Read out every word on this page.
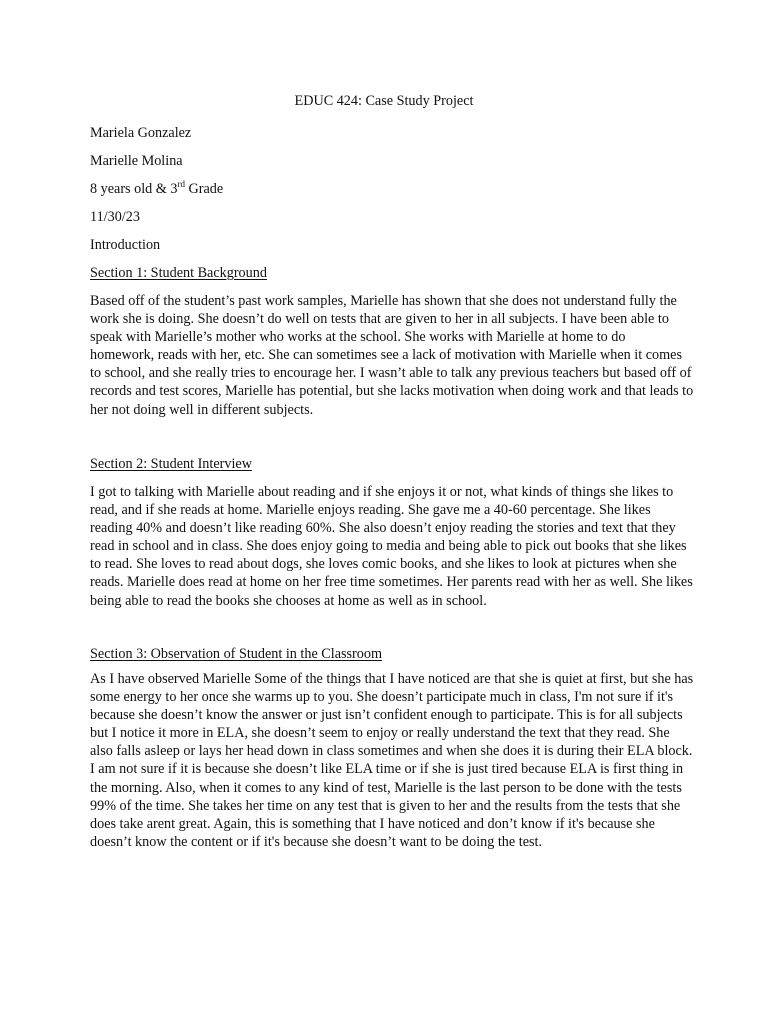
EDUC 424: Case Study Project
Mariela Gonzalez
Marielle Molina
8 years old & 3rd Grade
11/30/23
Introduction
Section 1: Student Background
Based off of the student’s past work samples, Marielle has shown that she does not understand fully the
work she is doing. She doesn’t do well on tests that are given to her in all subjects. I have been able to
speak with Marielle’s mother who works at the school. She works with Marielle at home to do
homework, reads with her, etc. She can sometimes see a lack of motivation with Marielle when it comes
to school, and she really tries to encourage her. I wasn’t able to talk any previous teachers but based off of
records and test scores, Marielle has potential, but she lacks motivation when doing work and that leads to
her not doing well in different subjects.
Section 2: Student Interview
I got to talking with Marielle about reading and if she enjoys it or not, what kinds of things she likes to
read, and if she reads at home. Marielle enjoys reading. She gave me a 40-60 percentage. She likes
reading 40% and doesn’t like reading 60%. She also doesn’t enjoy reading the stories and text that they
read in school and in class. She does enjoy going to media and being able to pick out books that she likes
to read. She loves to read about dogs, she loves comic books, and she likes to look at pictures when she
reads. Marielle does read at home on her free time sometimes. Her parents read with her as well. She likes
being able to read the books she chooses at home as well as in school.
Section 3: Observation of Student in the Classroom
As I have observed Marielle Some of the things that I have noticed are that she is quiet at first, but she has
some energy to her once she warms up to you. She doesn’t participate much in class, I'm not sure if it's
because she doesn’t know the answer or just isn’t confident enough to participate. This is for all subjects
but I notice it more in ELA, she doesn’t seem to enjoy or really understand the text that they read. She
also falls asleep or lays her head down in class sometimes and when she does it is during their ELA block.
I am not sure if it is because she doesn’t like ELA time or if she is just tired because ELA is first thing in
the morning. Also, when it comes to any kind of test, Marielle is the last person to be done with the tests
99% of the time. She takes her time on any test that is given to her and the results from the tests that she
does take arent great. Again, this is something that I have noticed and don’t know if it's because she
doesn’t know the content or if it's because she doesn’t want to be doing the test.
